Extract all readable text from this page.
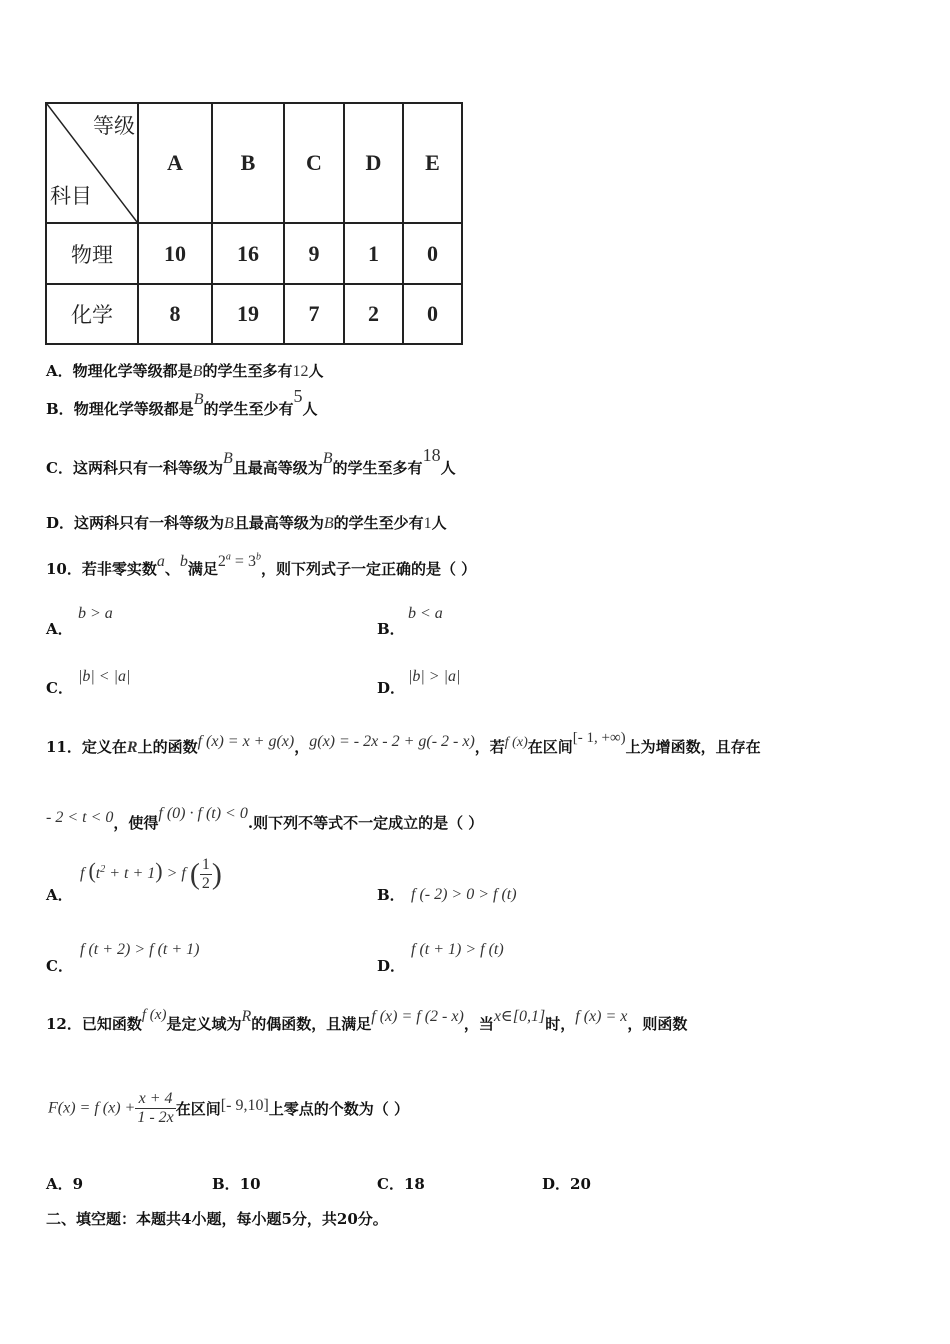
等级
科目	A	B	C	D	E
物理	10	16	9	1	0
化学	8	19	7	2	0
A．物理化学等级都是B的学生至多有12人
B．物理化学等级都是B的学生至少有5人
C．这两科只有一科等级为B且最高等级为B的学生至多有18人
D．这两科只有一科等级为B且最高等级为B的学生至少有1人
10．若非零实数a、b满足$2^a = 3^b$，则下列式子一定正确的是（ ）
A．
b > a
B．
b < a
C．
|b| < |a|
D．
|b| > |a|
11．定义在R上的函数f (x) = x + g(x)，g(x) = - 2x - 2 + g(- 2 - x)，若f (x)在区间[- 1, +∞)上为增函数，且存在
- 2 < t < 0，使得f (0) · f (t) < 0.则下列不等式不一定成立的是（ ）
A．
f $(t^2 + t + 1) > f$ ( $\frac{1}{2}$ )
B． f (- 2) > 0 > f (t)
C．
f (t + 2) > f (t + 1)
D．
f (t + 1) > f (t)
12．已知函数f (x)是定义域为R的偶函数，且满足f (x) = f (2 - x)，当x∈[0,1]时，f (x) = x，则函数
F(x) = f $(x) + \frac{x + 4}{1 - 2x}$ 在区间[- 9,10]上零点的个数为（ ）
A．9	B．10	C．18	D．20
二、填空题：本题共4小题，每小题5分，共20分。
